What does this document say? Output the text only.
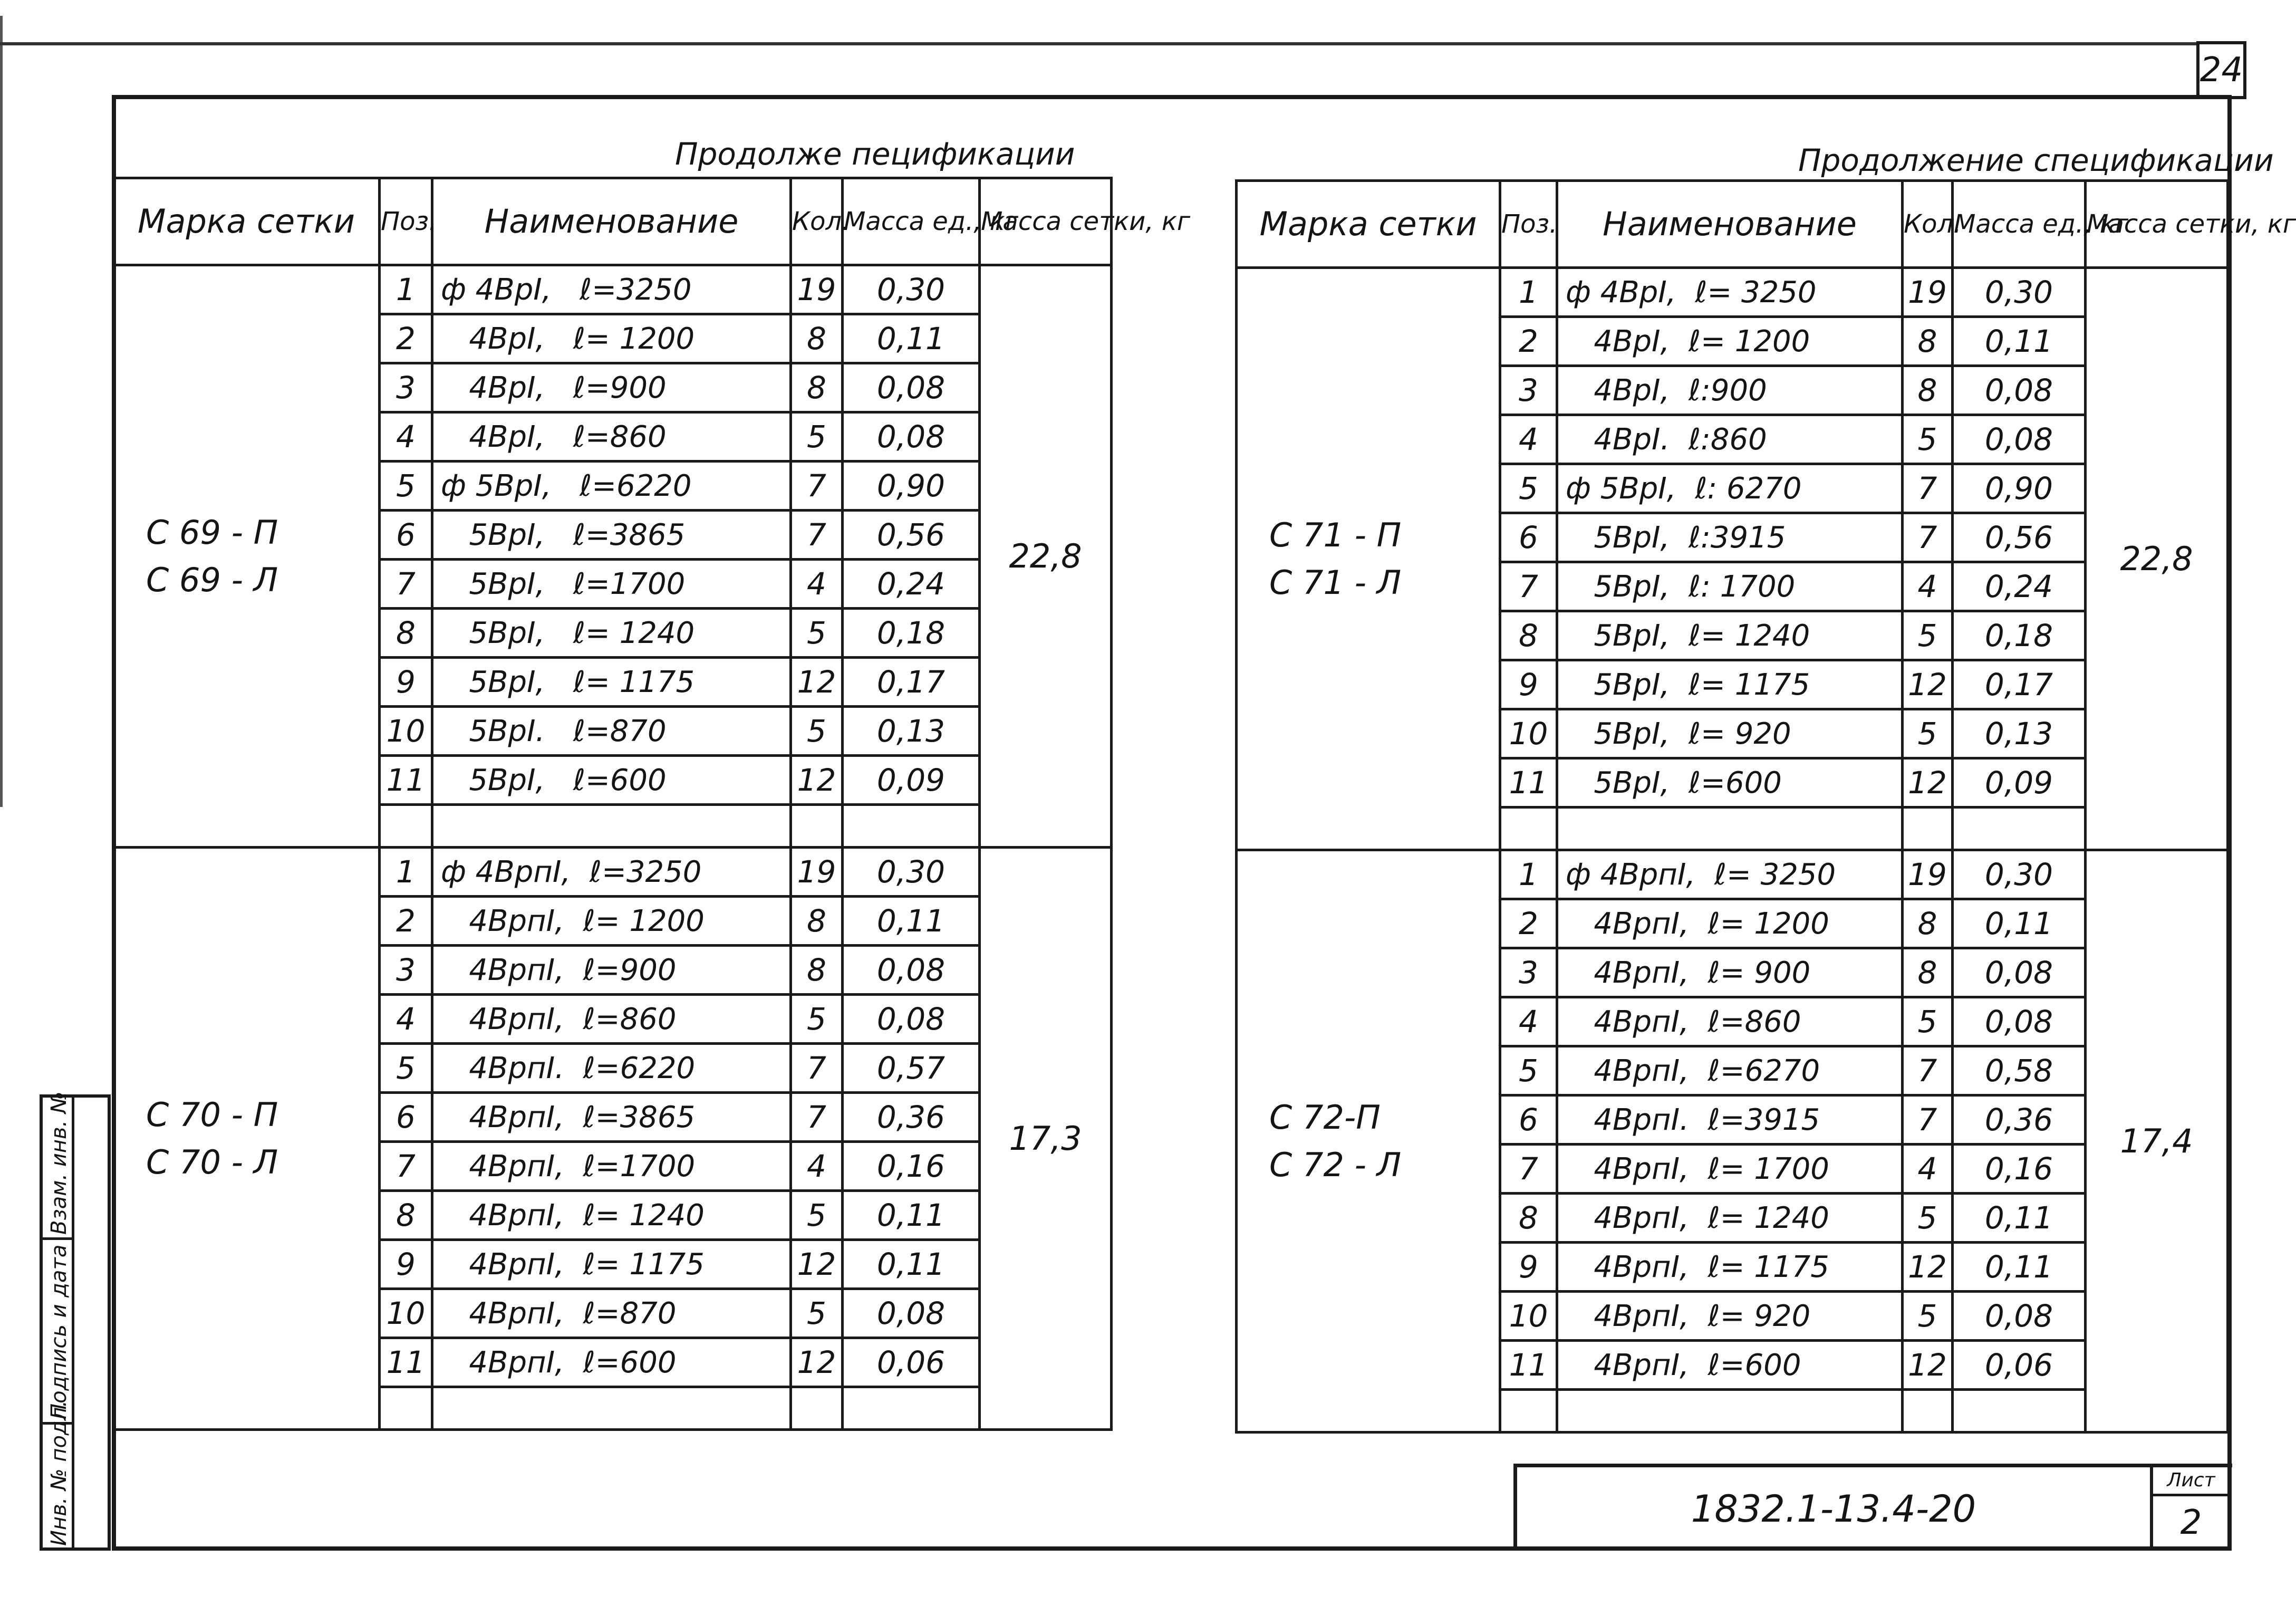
24
Продолже пецификации
Марка сетки	Поз.	Наименование	Кол.	Масса ед., кг	Масса сетки, кг

С 69 - П
С 69 - Л	1	ф 4ВрI,   ℓ=3250	19	0,30	22,8
	2	4ВрI,   ℓ= 1200	8	0,11	
	3	4ВрI,   ℓ=900	8	0,08	
	4	4ВрI,   ℓ=860	5	0,08	
	5	ф 5ВрI,   ℓ=6220	7	0,90	
	6	5ВрI,   ℓ=3865	7	0,56	
	7	5ВрI,   ℓ=1700	4	0,24	
	8	5ВрI,   ℓ= 1240	5	0,18	
	9	5ВрI,   ℓ= 1175	12	0,17	
	10	5ВрI.   ℓ=870	5	0,13	
	11	5ВрI,   ℓ=600	12	0,09	

С 70 - П
С 70 - Л	1	ф 4ВрпI,  ℓ=3250	19	0,30	17,3
	2	4ВрпI,  ℓ= 1200	8	0,11	
	3	4ВрпI,  ℓ=900	8	0,08	
	4	4ВрпI,  ℓ=860	5	0,08	
	5	4ВрпI.  ℓ=6220	7	0,57	
	6	4ВрпI,  ℓ=3865	7	0,36	
	7	4ВрпI,  ℓ=1700	4	0,16	
	8	4ВрпI,  ℓ= 1240	5	0,11	
	9	4ВрпI,  ℓ= 1175	12	0,11	
	10	4ВрпI,  ℓ=870	5	0,08	
	11	4ВрпI,  ℓ=600	12	0,06	

Продолжение спецификации
Марка сетки	Поз.	Наименование	Кол.	Масса ед., кг	Масса сетки, кг

С 71 - П
С 71 - Л	1	ф 4ВрI,  ℓ= 3250	19	0,30	22,8
	2	4ВрI,  ℓ= 1200	8	0,11	
	3	4ВрI,  ℓ:900	8	0,08	
	4	4ВрI.  ℓ:860	5	0,08	
	5	ф 5ВрI,  ℓ: 6270	7	0,90	
	6	5ВрI,  ℓ:3915	7	0,56	
	7	5ВрI,  ℓ: 1700	4	0,24	
	8	5ВрI,  ℓ= 1240	5	0,18	
	9	5ВрI,  ℓ= 1175	12	0,17	
	10	5ВрI,  ℓ= 920	5	0,13	
	11	5ВрI,  ℓ=600	12	0,09	

С 72-П
С 72 - Л	1	ф 4ВрпI,  ℓ= 3250	19	0,30	17,4
	2	4ВрпI,  ℓ= 1200	8	0,11	
	3	4ВрпI,  ℓ= 900	8	0,08	
	4	4ВрпI,  ℓ=860	5	0,08	
	5	4ВрпI,  ℓ=6270	7	0,58	
	6	4ВрпI.  ℓ=3915	7	0,36	
	7	4ВрпI,  ℓ= 1700	4	0,16	
	8	4ВрпI,  ℓ= 1240	5	0,11	
	9	4ВрпI,  ℓ= 1175	12	0,11	
	10	4ВрпI,  ℓ= 920	5	0,08	
	11	4ВрпI,  ℓ=600	12	0,06	

1832.1-13.4-20
Лист
2
Взам. инв. №
Подпись и дата
Инв. № подл.
